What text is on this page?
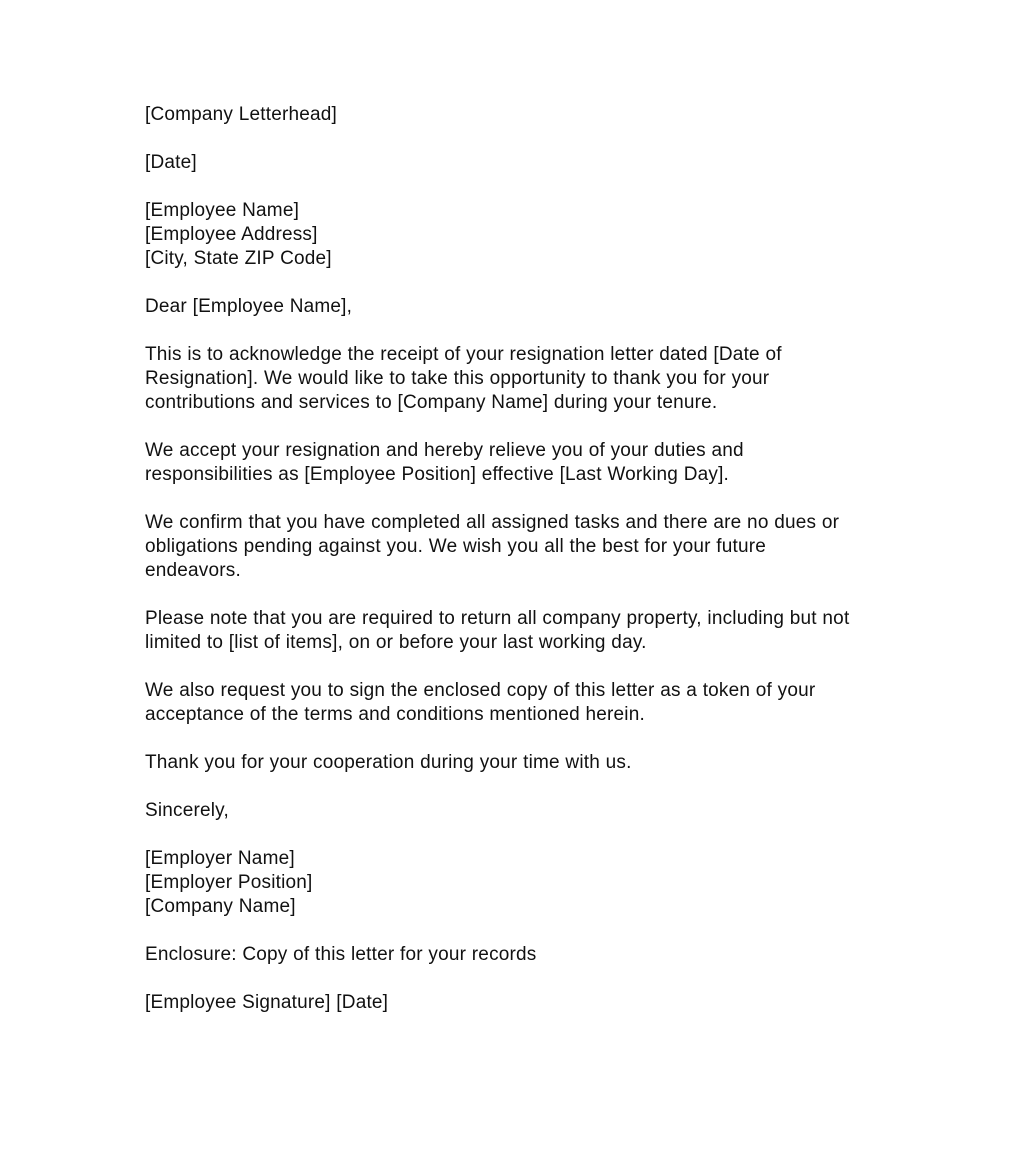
[Company Letterhead]
[Date]
[Employee Name]
[Employee Address]
[City, State ZIP Code]
Dear [Employee Name],

This is to acknowledge the receipt of your resignation letter dated [Date of Resignation]. We would like to take this opportunity to thank you for your contributions and services to [Company Name] during your tenure.

We accept your resignation and hereby relieve you of your duties and responsibilities as [Employee Position] effective [Last Working Day].

We confirm that you have completed all assigned tasks and there are no dues or obligations pending against you. We wish you all the best for your future endeavors.

Please note that you are required to return all company property, including but not limited to [list of items], on or before your last working day.

We also request you to sign the enclosed copy of this letter as a token of your acceptance of the terms and conditions mentioned herein.

Thank you for your cooperation during your time with us.

Sincerely,
[Employer Name]
[Employer Position]
[Company Name]
Enclosure: Copy of this letter for your records
[Employee Signature] [Date]
